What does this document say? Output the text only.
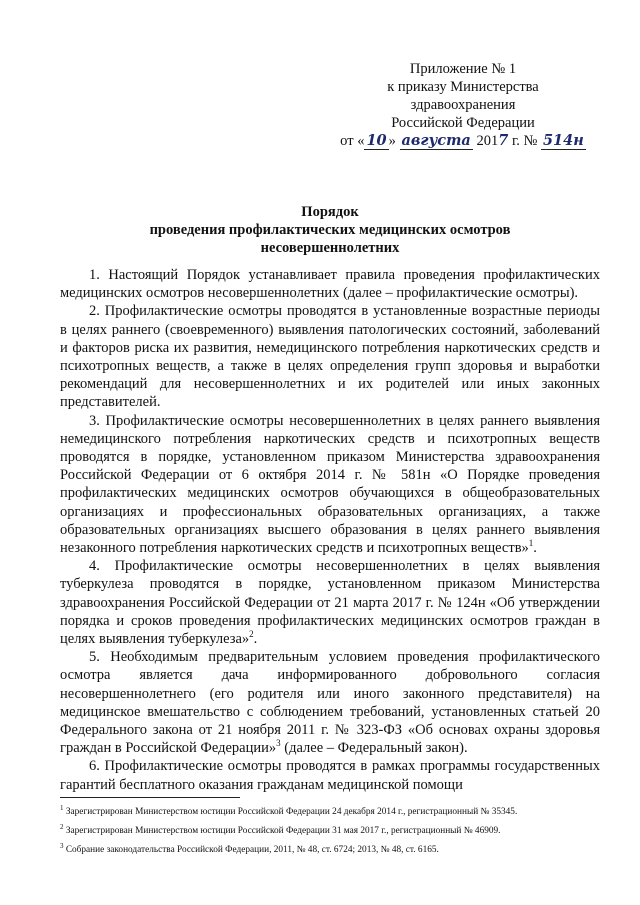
Приложение № 1
к приказу Министерства здравоохранения
Российской Федерации
от « 10 » августа 2017 г. № 514н
Порядок
проведения профилактических медицинских осмотров
несовершеннолетних

1. Настоящий Порядок устанавливает правила проведения профилактических медицинских осмотров несовершеннолетних (далее – профилактические осмотры).

2. Профилактические осмотры проводятся в установленные возрастные периоды в целях раннего (своевременного) выявления патологических состояний, заболеваний и факторов риска их развития, немедицинского потребления наркотических средств и психотропных веществ, а также в целях определения групп здоровья и выработки рекомендаций для несовершеннолетних и их родителей или иных законных представителей.

3. Профилактические осмотры несовершеннолетних в целях раннего выявления немедицинского потребления наркотических средств и психотропных веществ проводятся в порядке, установленном приказом Министерства здравоохранения Российской Федерации от 6 октября 2014 г. № 581н «О Порядке проведения профилактических медицинских осмотров обучающихся в общеобразовательных организациях и профессиональных образовательных организациях, а также образовательных организациях высшего образования в целях раннего выявления незаконного потребления наркотических средств и психотропных веществ»$^1$.

4. Профилактические осмотры несовершеннолетних в целях выявления туберкулеза проводятся в порядке, установленном приказом Министерства здравоохранения Российской Федерации от 21 марта 2017 г. № 124н «Об утверждении порядка и сроков проведения профилактических медицинских осмотров граждан в целях выявления туберкулеза»$^2$.

5. Необходимым предварительным условием проведения профилактического осмотра является дача информированного добровольного согласия несовершеннолетнего (его родителя или иного законного представителя) на медицинское вмешательство с соблюдением требований, установленных статьей 20 Федерального закона от 21 ноября 2011 г. № 323-ФЗ «Об основах охраны здоровья граждан в Российской Федерации»$^3$ (далее – Федеральный закон).

6. Профилактические осмотры проводятся в рамках программы государственных гарантий бесплатного оказания гражданам медицинской помощи

$^1$ Зарегистрирован Министерством юстиции Российской Федерации 24 декабря 2014 г., регистрационный № 35345.
$^2$ Зарегистрирован Министерством юстиции Российской Федерации 31 мая 2017 г., регистрационный № 46909.
$^3$ Собрание законодательства Российской Федерации, 2011, № 48, ст. 6724; 2013, № 48, ст. 6165.
